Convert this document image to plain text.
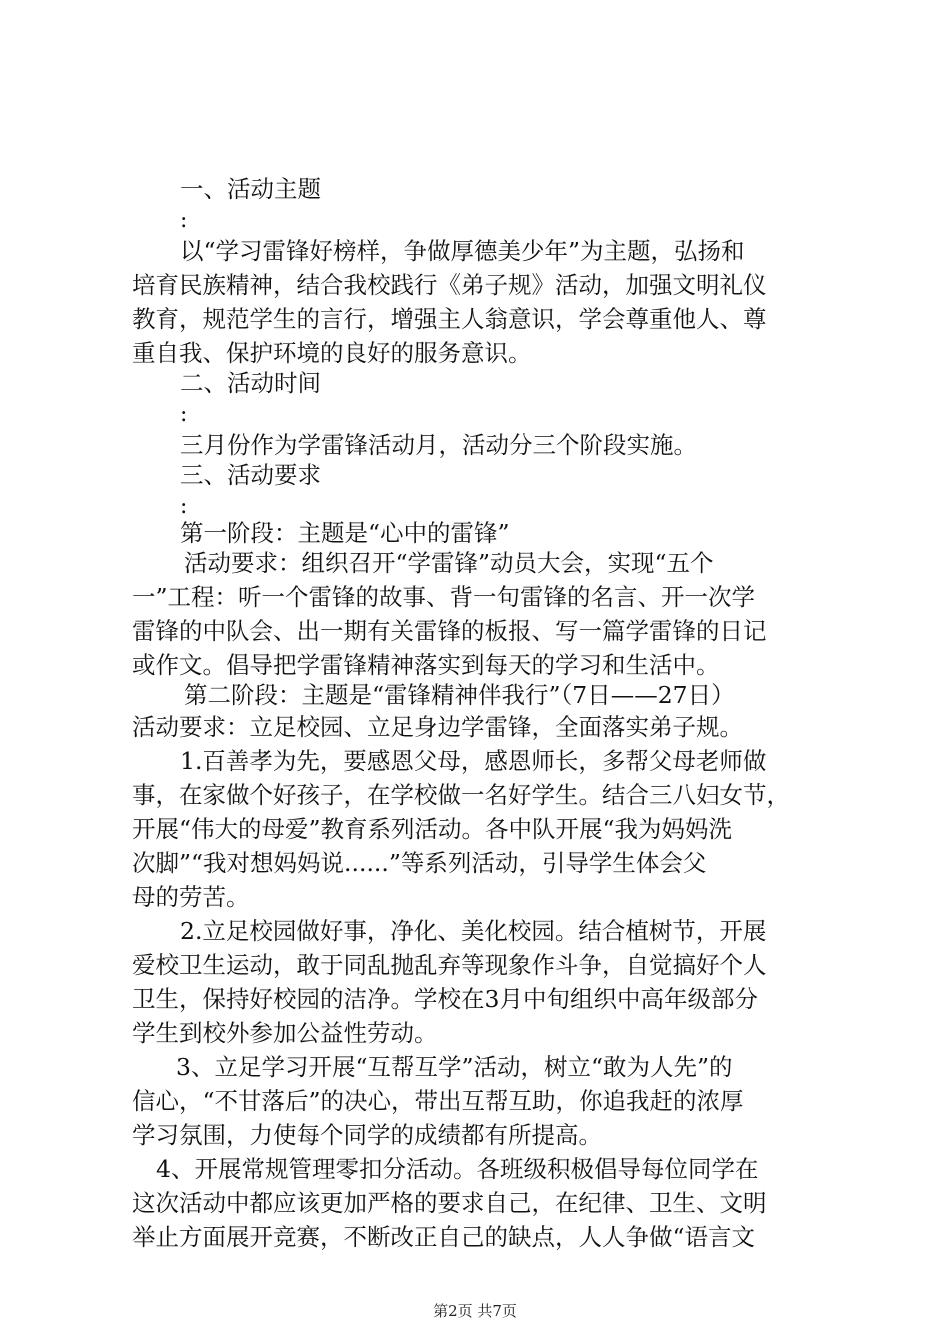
一、活动主题
:
以“学习雷锋好榜样，争做厚德美少年”为主题，弘扬和
培育民族精神，结合我校践行《弟子规》活动，加强文明礼仪
教育，规范学生的言行，增强主人翁意识，学会尊重他人、尊
重自我、保护环境的良好的服务意识。
二、活动时间
:
三月份作为学雷锋活动月，活动分三个阶段实施。
三、活动要求
:
第一阶段：主题是“心中的雷锋”
活动要求：组织召开“学雷锋”动员大会，实现“五个
一”工程：听一个雷锋的故事、背一句雷锋的名言、开一次学
雷锋的中队会、出一期有关雷锋的板报、写一篇学雷锋的日记
或作文。倡导把学雷锋精神落实到每天的学习和生活中。
第二阶段：主题是“雷锋精神伴我行”（7日——27日）
活动要求：立足校园、立足身边学雷锋，全面落实弟子规。
1.百善孝为先，要感恩父母，感恩师长，多帮父母老师做
事，在家做个好孩子，在学校做一名好学生。结合三八妇女节，
开展“伟大的母爱”教育系列活动。各中队开展“我为妈妈洗
次脚”“我对想妈妈说......”等系列活动，引导学生体会父
母的劳苦。
2.立足校园做好事，净化、美化校园。结合植树节，开展
爱校卫生运动，敢于同乱抛乱弃等现象作斗争，自觉搞好个人
卫生，保持好校园的洁净。学校在3月中旬组织中高年级部分
学生到校外参加公益性劳动。
3、立足学习开展“互帮互学”活动，树立“敢为人先”的
信心，“不甘落后”的决心，带出互帮互助，你追我赶的浓厚
学习氛围，力使每个同学的成绩都有所提高。
4、开展常规管理零扣分活动。各班级积极倡导每位同学在
这次活动中都应该更加严格的要求自己，在纪律、卫生、文明
举止方面展开竞赛，不断改正自己的缺点，人人争做“语言文
第2页 共7页
